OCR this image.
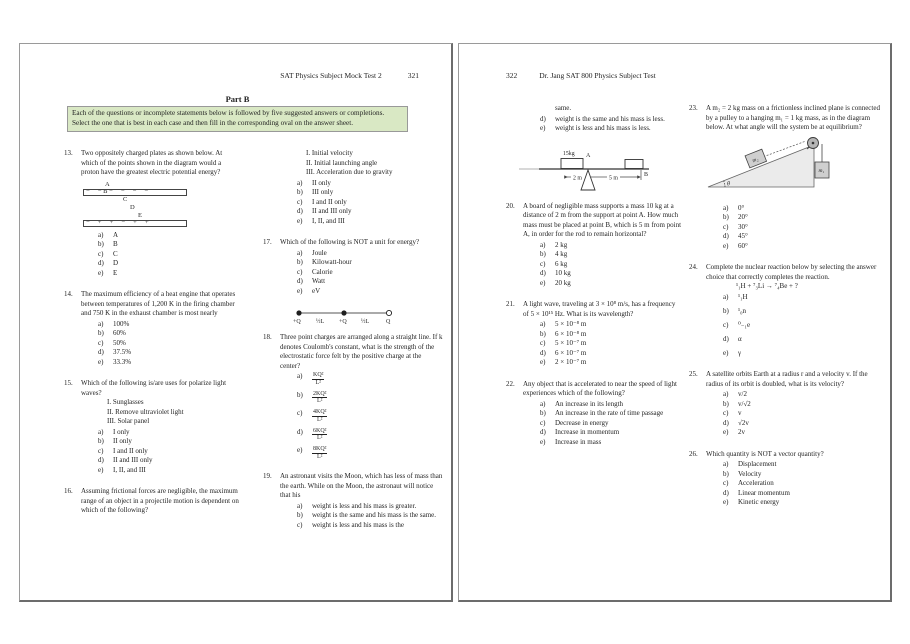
SAT Physics Subject Mock Test 2	321
Part B
Each of the questions or incomplete statements below is followed by five suggested answers or completions. Select the one that is best in each case and then fill in the corresponding oval on the answer sheet.
13.	Two oppositely charged plates as shown below. At which of the points shown in the diagram would a proton have the greatest electric potential energy?
A
−     − B −     −     −     −
C
D
E
−     +     +     −     +     +
a)	A
b)	B
c)	C
d)	D
e)	E
14.	The maximum efficiency of a heat engine that operates between temperatures of 1,200 K in the firing chamber and 750 K in the exhaust chamber is most nearly
a)	100%
b)	60%
c)	50%
d)	37.5%
e)	33.3%
15.	Which of the following is/are uses for polarize light waves?
I. Sunglasses
II. Remove ultraviolet light
III. Solar panel
a)	I only
b)	II only
c)	I and II only
d)	II and III only
e)	I, II, and III
16.	Assuming frictional forces are negligible, the maximum range of an object in a projectile motion is dependent on which of the following?
I. Initial velocity
II. Initial launching angle
III. Acceleration due to gravity
a)	II only
b)	III only
c)	I and II only
d)	II and III only
e)	I, II, and III
17.	Which of the following is NOT a unit for energy?
a)	Joule
b)	Kilowatt-hour
c)	Calorie
d)	Watt
e)	eV
+Q	½L +Q ½L	Q
18.	Three point charges are arranged along a straight line. If k denotes Coulomb's constant, what is the strength of the electrostatic force felt by the positive charge at the center?
a)	$\frac{\text{KQ²}}{\text{L²}}$
b)	$\frac{\text{2KQ²}}{\text{L²}}$
c)	$\frac{\text{4KQ²}}{\text{L²}}$
d)	$\frac{\text{6KQ²}}{\text{L²}}$
e)	$\frac{\text{8KQ²}}{\text{L²}}$
19.	An astronaut visits the Moon, which has less of mass than the earth. While on the Moon, the astronaut will notice that his
a)	weight is less and his mass is greater.
b)	weight is the same and his mass is the same.
c)	weight is less and his mass is the
322	Dr. Jang SAT 800 Physics Subject Test
same.
d)	weight is the same and his mass is less.
e)	weight is less and his mass is less.
15kg A
B
2 m	5 m
20.	A board of negligible mass supports a mass 10 kg at a distance of 2 m from the support at point A. How much mass must be placed at point B, which is 5 m from point A, in order for the rod to remain horizontal?
a)	2 kg
b)	4 kg
c)	6 kg
d)	10 kg
e)	20 kg
21.	A light wave, traveling at 3 × 10⁸ m/s, has a frequency of 5 × 10¹⁵ Hz. What is its wavelength?
a)	5 × 10⁻⁸ m
b)	6 × 10⁻⁸ m
c)	5 × 10⁻⁷ m
d)	6 × 10⁻⁷ m
e)	2 × 10⁻⁷ m
22.	Any object that is accelerated to near the speed of light experiences which of the following?
a)	An increase in its length
b)	An increase in the rate of time passage
c)	Decrease in energy
d)	Increase in momentum
e)	Increase in mass
23.	A m₂ = 2 kg mass on a frictionless inclined plane is connected by a pulley to a hanging m₁ = 1 kg mass, as in the diagram below. At what angle will the system be at equilibrium?
m₂
m₁
θ
a)	0°
b)	20°
c)	30°
d)	45°
e)	60°
24.	Complete the nuclear reaction below by selecting the answer choice that correctly completes the reaction.
¹₁H + ⁷₃Li → ⁷₄Be + ?
a)	¹₁H
b)	¹₀n
c)	⁰₋₁e
d)	α
e)	γ
25.	A satellite orbits Earth at a radius r and a velocity v. If the radius of its orbit is doubled, what is its velocity?
a)	v/2
b)	v/√2
c)	v
d)	√2v
e)	2v
26.	Which quantity is NOT a vector quantity?
a)	Displacement
b)	Velocity
c)	Acceleration
d)	Linear momentum
e)	Kinetic energy
